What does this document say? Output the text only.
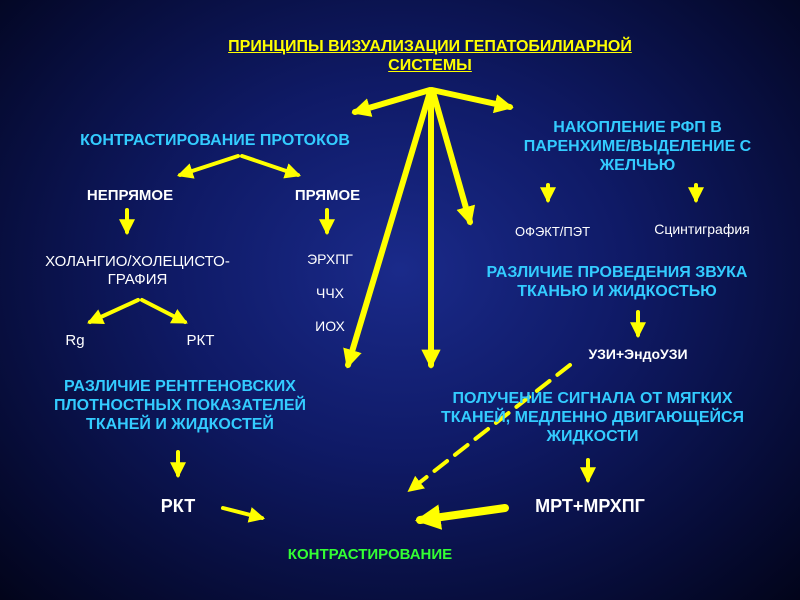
ПРИНЦИПЫ ВИЗУАЛИЗАЦИИ ГЕПАТОБИЛИАРНОЙ
СИСТЕМЫ
КОНТРАСТИРОВАНИЕ ПРОТОКОВ
НЕПРЯМОЕ	ПРЯМОЕ
ХОЛАНГИО/ХОЛЕЦИСТО-
ГРАФИЯ
Rg	РКТ
ЭРХПГ
ЧЧХ
ИОХ
НАКОПЛЕНИЕ РФП В
ПАРЕНХИМЕ/ВЫДЕЛЕНИЕ С
ЖЕЛЧЬЮ
ОФЭКТ/ПЭТ	Сцинтиграфия
РАЗЛИЧИЕ ПРОВЕДЕНИЯ ЗВУКА
ТКАНЬЮ И ЖИДКОСТЬЮ
УЗИ+ЭндоУЗИ
РАЗЛИЧИЕ РЕНТГЕНОВСКИХ
ПЛОТНОСТНЫХ ПОКАЗАТЕЛЕЙ
ТКАНЕЙ И ЖИДКОСТЕЙ
ПОЛУЧЕНИЕ СИГНАЛА ОТ МЯГКИХ
ТКАНЕЙ, МЕДЛЕННО ДВИГАЮЩЕЙСЯ
ЖИДКОСТИ
РКТ	МРТ+МРХПГ
КОНТРАСТИРОВАНИЕ
